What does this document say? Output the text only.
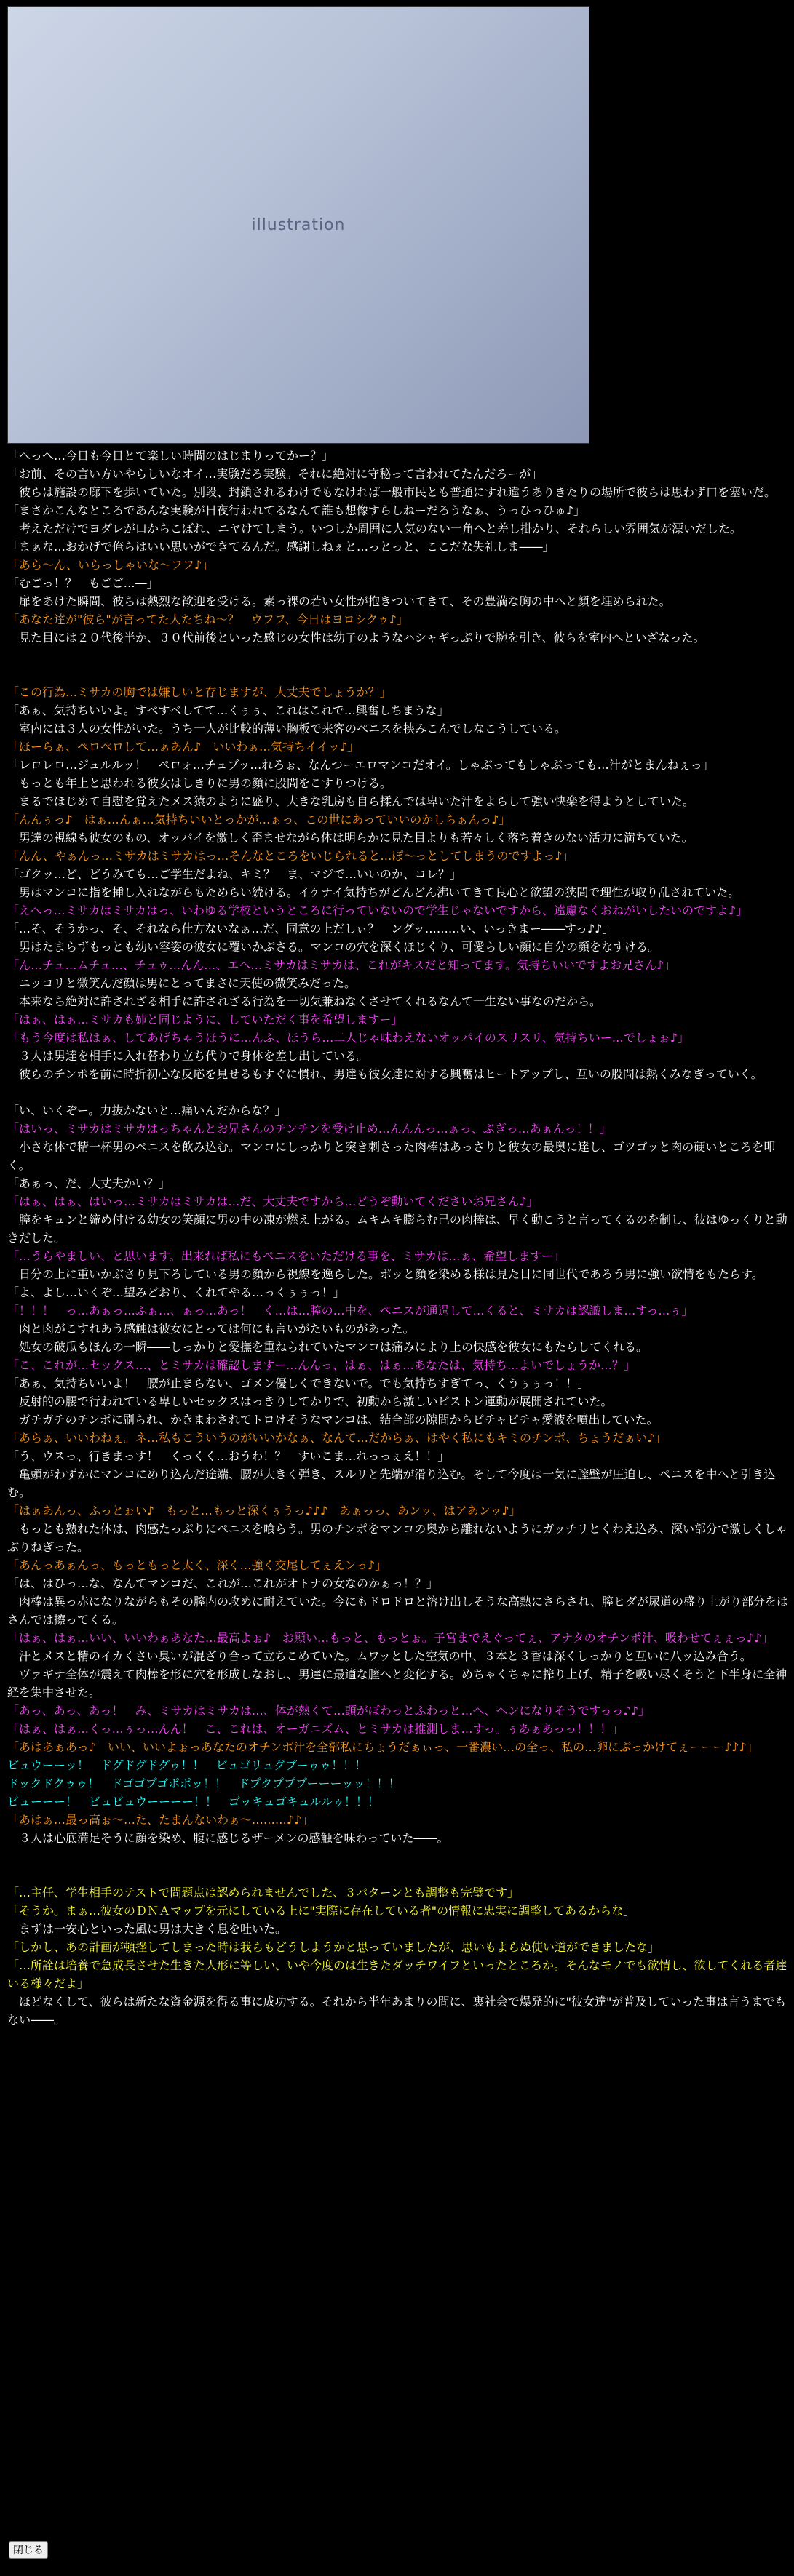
illustration

「へっへ…今日も今日とて楽しい時間のはじまりってかー？」

「お前、その言い方いやらしいなオイ…実験だろ実験。それに絶対に守秘って言われてたんだろーが」

　彼らは施設の廊下を歩いていた。別段、封鎖されるわけでもなければ一般市民とも普通にすれ違うありきたりの場所で彼らは思わず口を塞いだ。

「まさかこんなところであんな実験が日夜行われてるなんて誰も想像すらしねーだろうなぁ、うっひっひゅ♪」

　考えただけでヨダレが口からこぼれ、ニヤけてしまう。いつしか周囲に人気のない一角へと差し掛かり、それらしい雰囲気が漂いだした。

「まぁな…おかげで俺らはいい思いができてるんだ。感謝しねぇと…っとっと、ここだな失礼しま――」

「あら～ん、いらっしゃいな～フフ♪」

「むごっ！？　もごご…―」

　扉をあけた瞬間、彼らは熱烈な歓迎を受ける。素っ裸の若い女性が抱きついてきて、その豊満な胸の中へと顔を埋められた。

「あなた達が"彼ら"が言ってた人たちね～？　ウフフ、今日はヨロシクゥ♪」

　見た目には２０代後半か、３０代前後といった感じの女性は幼子のようなハシャギっぷりで腕を引き、彼らを室内へといざなった。

「この行為…ミサカの胸では嫌しいと存じますが、大丈夫でしょうか？」

「あぁ、気持ちいいよ。すべすべしてて…くぅぅ、これはこれで…興奮しちまうな」

　室内には３人の女性がいた。うち一人が比較的薄い胸板で来客のペニスを挟みこんでしなこうしている。

「ほーらぁ、ペロペロして…ぁあん♪　いいわぁ…気持ちイイッ♪」

「レロレロ…ジュルルッ！　ペロォ…チュブッ…れろぉ、なんつーエロマンコだオイ。しゃぶってもしゃぶっても…汁がとまんねぇっ」

　もっとも年上と思われる彼女はしきりに男の顔に股間をこすりつける。

　まるでほじめて自慰を覚えたメス猿のように盛り、大きな乳房も自ら揉んでは卑いた汁をよらして強い快楽を得ようとしていた。

「んんぅっ♪　はぁ…んぁ…気持ちいいとっかが…ぁっ、この世にあっていいのかしらぁんっ♪」

　男達の視線も彼女のもの、オッパイを激しく歪ませながら体は明らかに見た目よりも若々しく落ち着きのない活力に満ちていた。

「んん、やぁんっ…ミサカはミサカはっ…そんなところをいじられると…ぽ～っとしてしまうのですよっ♪」

「ゴクッ…ど、どうみても…ご学生だよね、キミ？　ま、マジで…いいのか、コレ？」

　男はマンコに指を挿し入れながらもためらい続ける。イケナイ気持ちがどんどん沸いてきて良心と欲望の狭間で理性が取り乱されていた。

「えへっ…ミサカはミサカはっ、いわゆる学校というところに行っていないので学生じゃないですから、遠慮なくおねがいしたいのですよ♪」

「…そ、そうかっ、そ、それなら仕方ないなぁ…だ、同意の上だしぃ？　ングッ………い、いっきまー――すっ♪♪」

　男はたまらずもっとも幼い容姿の彼女に覆いかぶさる。マンコの穴を深くほじくり、可愛らしい顔に自分の顔をなすける。

「ん…チュ…ムチュ…、チュゥ…んん…、エヘ…ミサカはミサカは、これがキスだと知ってます。気持ちいいですよお兄さん♪」

　ニッコリと微笑んだ顔は男にとってまさに天使の微笑みだった。

　本来なら絶対に許されざる相手に許されざる行為を一切気兼ねなくさせてくれるなんて一生ない事なのだから。

「はぁ、はぁ…ミサカも姉と同じように、していただく事を希望しますー」

「もう今度は私はぁ、してあげちゃうほうに…んふ、ほうら…二人じゃ味わえないオッパイのスリスリ、気持ちいー…でしょぉ♪」

　３人は男達を相手に入れ替わり立ち代りで身体を差し出している。

　彼らのチンポを前に時折初心な反応を見せるもすぐに慣れ、男達も彼女達に対する興奮はヒートアップし、互いの股間は熱くみなぎっていく。

「い、いくぞー。力抜かないと…痛いんだからな？」

「はいっ、ミサカはミサカはっちゃんとお兄さんのチンチンを受け止め…んんんっ…ぁっ、ぶぎっ…あぁんっ！！」

　小さな体で精一杯男のペニスを飲み込む。マンコにしっかりと突き刺さった肉棒はあっさりと彼女の最奥に達し、ゴツゴッと肉の硬いところを叩く。

「あぁっ、だ、大丈夫かい？」

「はぁ、はぁ、はいっ…ミサカはミサカは…だ、大丈夫ですから…どうぞ動いてくださいお兄さん♪」

　膣をキュンと締め付ける幼女の笑顔に男の中の凍が燃え上がる。ムキムキ膨らむ己の肉棒は、早く動こうと言ってくるのを制し、彼はゆっくりと動きだした。

「…うらやましい、と思います。出来れば私にもペニスをいただける事を、ミサカは…ぁ、希望しますー」

　日分の上に重いかぶさり見下ろしている男の顔から視線を逸らした。ポッと顔を染める様は見た目に同世代であろう男に強い欲情をもたらす。

「よ、よし…いくぞ…望みどおり、くれてやる…っくぅぅっ！」

「！！！　っ…あぁっ…ふぁ…、ぁっ…あっ！　く…は…膣の…中を、ペニスが通過して…くると、ミサカは認識しま…すっ…ぅ」

　肉と肉がこすれあう感触は彼女にとっては何にも言いがたいものがあった。

　処女の破瓜もほんの一瞬――しっかりと愛撫を重ねられていたマンコは痛みにより上の快感を彼女にもたらしてくれる。

「こ、これが…セックス…、とミサカは確認しますー…んんっ、はぁ、はぁ…あなたは、気持ち…よいでしょうか…？」

「あぁ、気持ちいいよ！　腰が止まらない、ゴメン優しくできないで。でも気持ちすぎてっ、くうぅぅっ！！」

　反射的の腰で行われている卑しいセックスはっきりしてかりで、初動から激しいピストン運動が展開されていた。

　ガチガチのチンポに刷られ、かきまわされてトロけそうなマンコは、結合部の隙間からピチャピチャ愛液を噴出していた。

「あらぁ、いいわねぇ。ネ…私もこういうのがいいかなぁ、なんて…だからぁ、はやく私にもキミのチンポ、ちょうだぁい♪」

「う、ウスっ、行きまっす！　くっくく…おうわ！？　すいこま…れっっぇえ！！」

　亀頭がわずかにマンコにめり込んだ途端、腰が大きく弾き、スルリと先端が滑り込む。そして今度は一気に膣壁が圧迫し、ペニスを中へと引き込む。

「はぁあんっ、ふっとぉい♪　もっと…もっと深くぅうっ♪♪♪　あぁっっ、あンッ、はアあンッ♪」

　もっとも熟れた体は、肉感たっぷりにペニスを喰らう。男のチンポをマンコの奥から離れないようにガッチリとくわえ込み、深い部分で激しくしゃぶりねぎった。

「あんっあぁんっ、もっともっと太く、深く…強く交尾してぇえンっ♪」

「は、はひっ…な、なんてマンコだ、これが…これがオトナの女なのかぁっ！？」

　肉棒は異っ赤になりながらもその膣内の攻めに耐えていた。今にもドロドロと溶け出しそうな高熱にさらされ、膣ヒダが尿道の盛り上がり部分をはさんでは擦ってくる。

「はぁ、はぁ…いい、いいわぁあなた…最高よぉ♪　お願い…もっと、もっとぉ。子宮までえぐってぇ、アナタのオチンポ汁、吸わせてぇぇっ♪♪」

　汗とメスと精のイカくさい臭いが混ざり合って立ちこめていた。ムワッとした空気の中、３本と３香は深くしっかりと互いに八ッ込み合う。

　ヴァギナ全体が震えて肉棒を形に穴を形成しなおし、男達に最適な膣へと変化する。めちゃくちゃに搾り上げ、精子を吸い尽くそうと下半身に全神経を集中させた。

「あっ、あっ、あっ！　み、ミサカはミサカは…、体が熱くて…頭がぼわっとふわっと…へ、ヘンになりそうですっっ♪♪」

「はぁ、はぁ…くっ…ぅっ…んん！　こ、これは、オーガニズム、とミサカは推測しま…すっ。ぅあぁあっっ！！！」

「あはあぁあっ♪　いい、いいよぉっあなたのオチンポ汁を全部私にちょうだぁぃっ、一番濃い…の全っ、私の…卵にぶっかけてぇーーー♪♪♪」

ビュウーーッ！　ドグドグドグゥ！！　ビュゴリュグブーゥゥ！！！

ドックドクゥゥ！　ドゴゴプゴポポッ！！　ドプクプププーーーッッ！！！

ビューーー！　ビュビュウーーーー！！　ゴッキュゴキュルルゥ！！！

「あはぁ…最っ高ぉ～…た、たまんないわぁ～………♪♪」

　３人は心底満足そうに顔を染め、腹に感じるザーメンの感触を味わっていた――。

「…主任、学生相手のテストで問題点は認められませんでした、３パターンとも調整も完璧です」

「そうか。まぁ…彼女のＤＮＡマップを元にしている上に"実際に存在している者"の情報に忠実に調整してあるからな」

　まずは一安心といった風に男は大きく息を吐いた。

「しかし、あの計画が頓挫してしまった時は我らもどうしようかと思っていましたが、思いもよらぬ使い道ができましたな」

「…所詮は培養で急成長させた生きた人形に等しい、いや今度のは生きたダッチワイフといったところか。そんなモノでも欲情し、欲してくれる者達いる様々だよ」

　ほどなくして、彼らは新たな資金源を得る事に成功する。それから半年あまりの間に、裏社会で爆発的に"彼女達"が普及していった事は言うまでもない――。

閉じる
